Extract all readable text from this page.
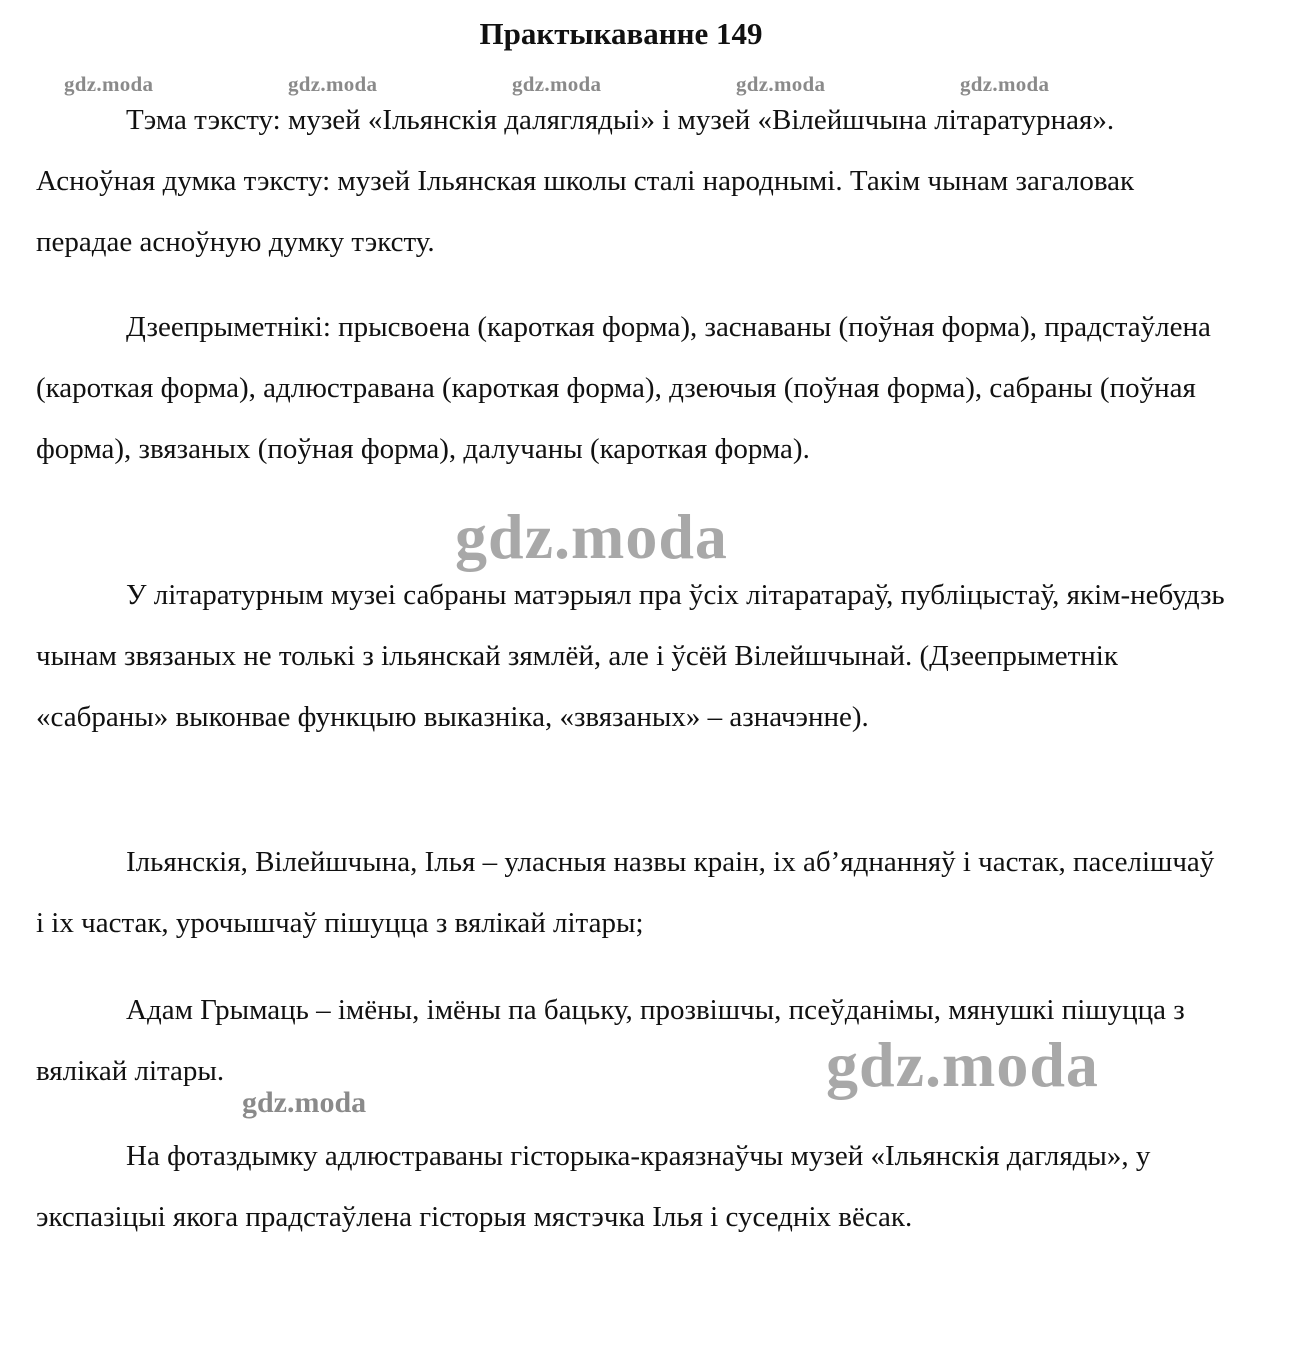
Практыкаванне 149
gdz.moda	gdz.moda	gdz.moda	gdz.moda	gdz.moda

Тэма тэксту: музей «Ільянскія даляглядыі» і музей «Вілейшчына літаратурная». Асноўная думка тэксту: музей Ільянская школы сталі народнымі. Такім чынам загаловак перадае асноўную думку тэксту.

Дзеепрыметнікі: прысвоена (кароткая форма), заснаваны (поўная форма), прадстаўлена (кароткая форма), адлюстравана (кароткая форма), дзеючыя (поўная форма), сабраны (поўная форма), звязаных (поўная форма), далучаны (кароткая форма).

У літаратурным музеі сабраны матэрыял пра ўсіх літаратараў, публіцыстаў, якім-небудзь чынам звязаных не толькі з ільянскай зямлёй, але і ўсёй Вілейшчынай. (Дзеепрыметнік «сабраны» выконвае функцыю выказніка, «звязаных» – азначэнне).

Ільянскія, Вілейшчына, Ілья – уласныя назвы краін, іх аб’яднанняў і частак, паселішчаў і іх частак, урочышчаў пішуцца з вялікай літары;

Адам Грымаць – імёны, імёны па бацьку, прозвішчы, псеўданімы, мянушкі пішуцца з вялікай літары.

На фотаздымку адлюстраваны гісторыка-краязнаўчы музей «Ільянскія дагляды», у экспазіцыі якога прадстаўлена гісторыя мястэчка Ілья і суседніх вёсак.

gdz.moda
gdz.moda
gdz.moda
